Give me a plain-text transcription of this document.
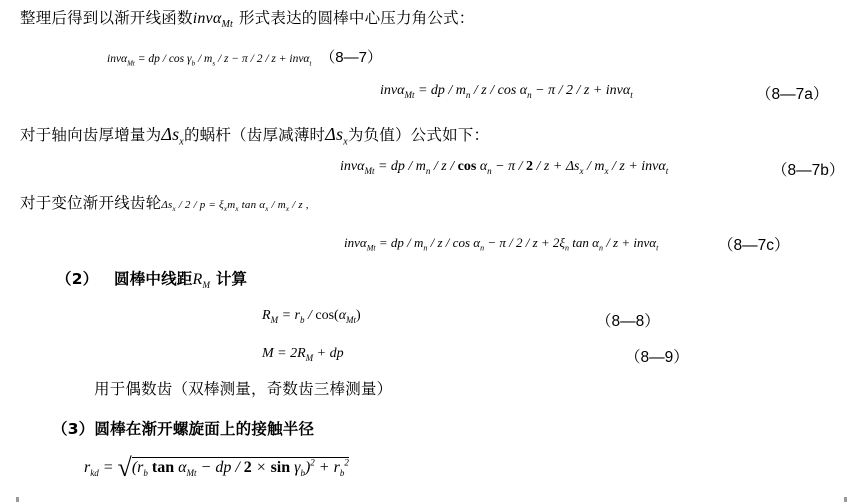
整理后得到以渐开线函数invα$_{Mt}$ 形式表达的圆棒中心压力角公式：
invα$_{Mt}$ = dp / $\cos \gamma_b / m_s / z - \pi / 2 / z + inv\alpha_t$ （8—7）
invα$_{Mt}$ = dp / $m_n / z / \cos \alpha_n - \pi / 2 / z + inv\alpha_t$	（8—7a）
对于轴向齿厚增量为$\Delta s_x$的蜗杆（齿厚减薄时$\Delta s_x$为负值）公式如下：
invα$_{Mt}$ = dp / $m_n / z / \cos \alpha_n - \pi / 2 / z + \Delta s_x / m_x / z + inv\alpha_t$	（8—7b）
对于变位渐开线齿轮$\Delta s_x / 2 / p = \xi_xm_x$ $\tan \alpha_x / m_x$ / z ,
invα$_{Mt}$ = dp / $m_n / z / \cos \alpha_n - \pi / 2 / z + 2\xi_n$ $\tan \alpha_n / z + inv\alpha_t$	（8—7c）
（2） 圆棒中线距$R_M$ 计算
$R_M = r_b / \cos(\alpha_{Mt})$	（8—8）
$M = 2R_M$ + dp	（8—9）
用于偶数齿（双棒测量，奇数齿三棒测量）
（3）圆棒在渐开螺旋面上的接触半径
$r_{kd} = √(r_b$ $\tan \alpha_{Mt}$ − dp / $2 \times \sin \gamma_b)^2 + r_b^2$
